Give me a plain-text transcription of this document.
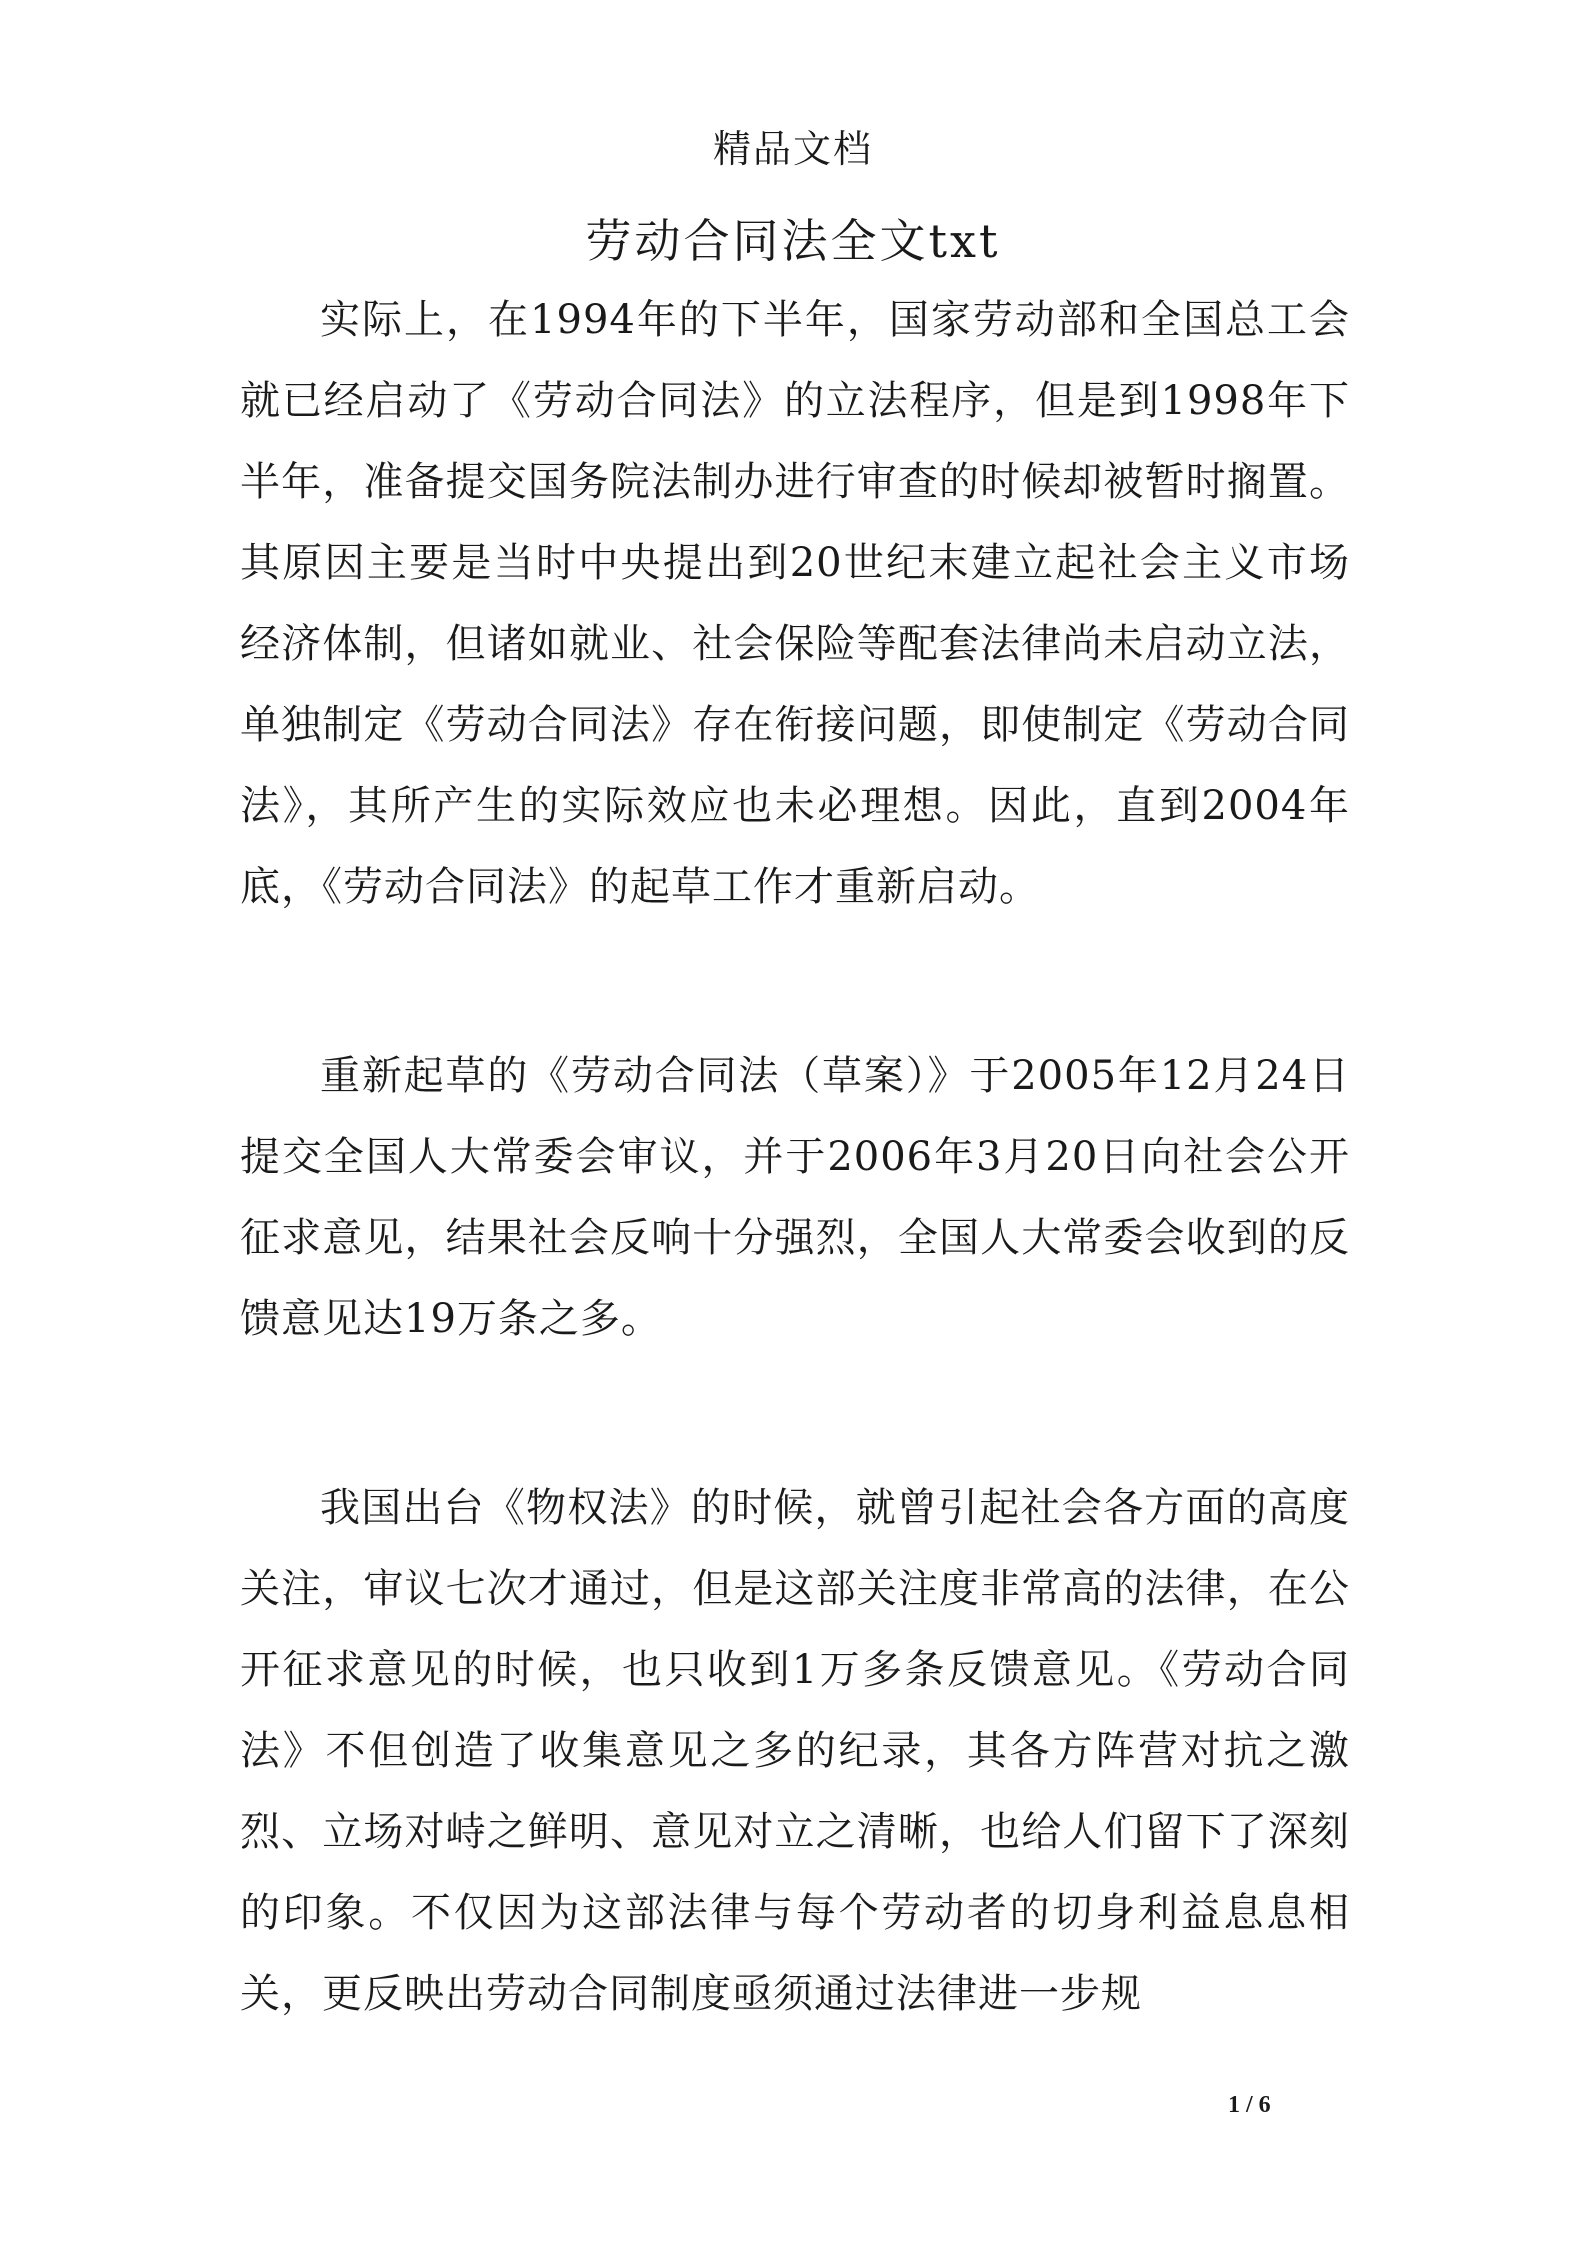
精品文档
劳动合同法全文txt

实际上，在1994年的下半年，国家劳动部和全国总工会就已经启动了《劳动合同法》的立法程序，但是到1998年下半年，准备提交国务院法制办进行审查的时候却被暂时搁置。其原因主要是当时中央提出到20世纪末建立起社会主义市场经济体制，但诸如就业、社会保险等配套法律尚未启动立法，单独制定《劳动合同法》存在衔接问题，即使制定《劳动合同法》，其所产生的实际效应也未必理想。因此，直到2004年底，《劳动合同法》的起草工作才重新启动。

重新起草的《劳动合同法（草案）》于2005年12月24日提交全国人大常委会审议，并于2006年3月20日向社会公开征求意见，结果社会反响十分强烈，全国人大常委会收到的反馈意见达19万条之多。

我国出台《物权法》的时候，就曾引起社会各方面的高度关注，审议七次才通过，但是这部关注度非常高的法律，在公开征求意见的时候，也只收到1万多条反馈意见。《劳动合同法》不但创造了收集意见之多的纪录，其各方阵营对抗之激烈、立场对峙之鲜明、意见对立之清晰，也给人们留下了深刻的印象。不仅因为这部法律与每个劳动者的切身利益息息相关，更反映出劳动合同制度亟须通过法律进一步规

1 / 6
